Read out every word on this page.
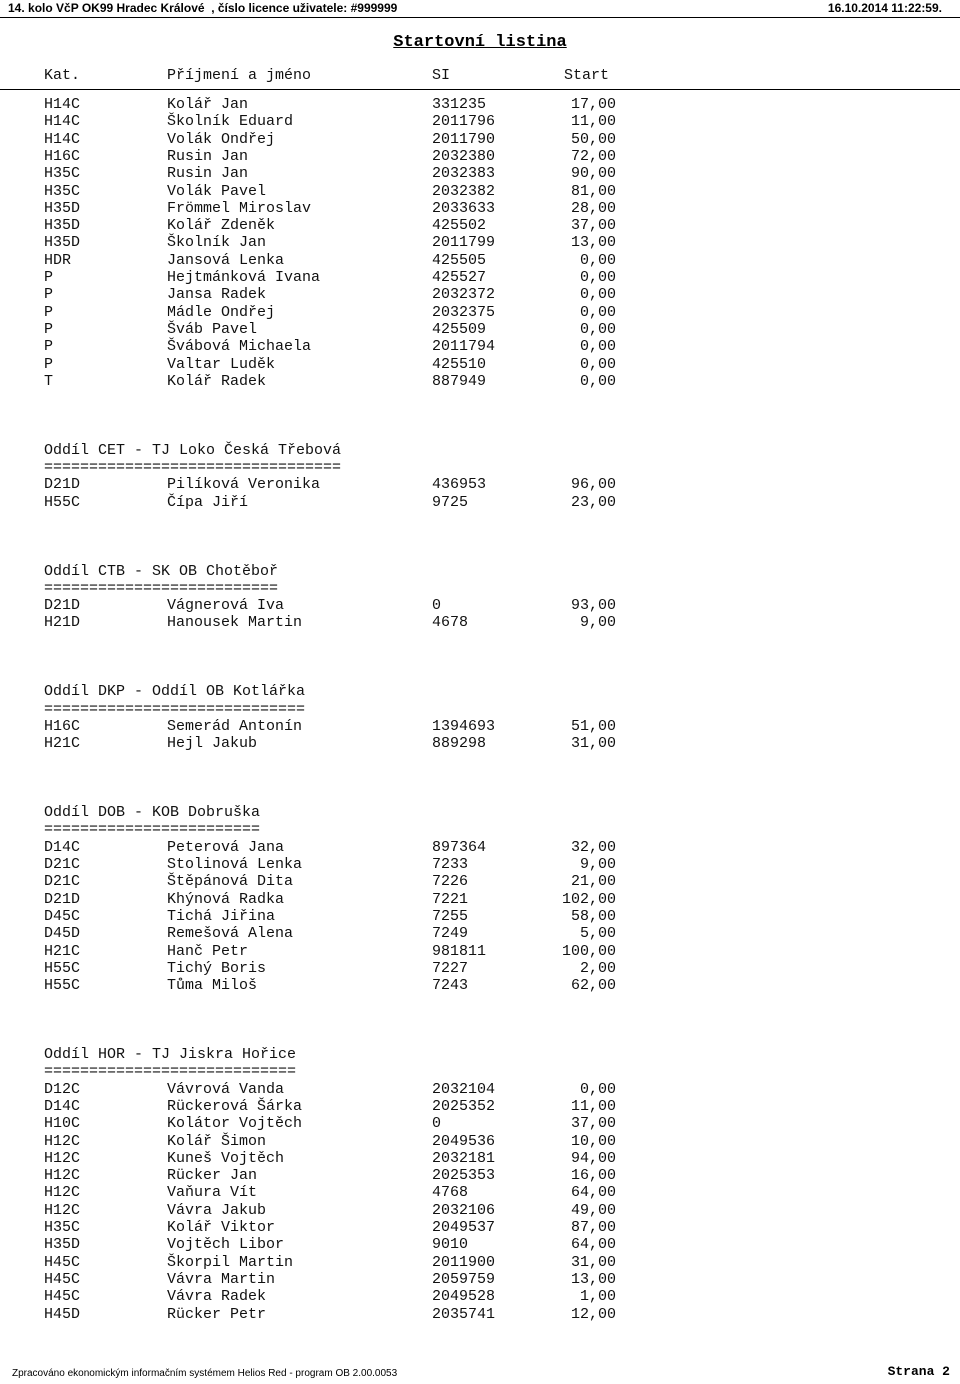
14. kolo VčP OK99 Hradec Králové  , číslo licence uživatele: #999999	16.10.2014 11:22:59.
Startovní listina
Kat.	Příjmení a jméno	SI	Start
H14C	Kolář Jan	331235	17,00
H14C	Školník Eduard	2011796	11,00
H14C	Volák Ondřej	2011790	50,00
H16C	Rusin Jan	2032380	72,00
H35C	Rusin Jan	2032383	90,00
H35C	Volák Pavel	2032382	81,00
H35D	Frömmel Miroslav	2033633	28,00
H35D	Kolář Zdeněk	425502	37,00
H35D	Školník Jan	2011799	13,00
HDR	Jansová Lenka	425505	0,00
P	Hejtmánková Ivana	425527	0,00
P	Jansa Radek	2032372	0,00
P	Mádle Ondřej	2032375	0,00
P	Šváb Pavel	425509	0,00
P	Švábová Michaela	2011794	0,00
P	Valtar Luděk	425510	0,00
T	Kolář Radek	887949	0,00
Oddíl CET - TJ Loko Česká Třebová
=================================
D21D	Pilíková Veronika	436953	96,00
H55C	Čípa Jiří	9725	23,00
Oddíl CTB - SK OB Chotěboř
==========================
D21D	Vágnerová Iva	0	93,00
H21D	Hanousek Martin	4678	9,00
Oddíl DKP - Oddíl OB Kotlářka
=============================
H16C	Semerád Antonín	1394693	51,00
H21C	Hejl Jakub	889298	31,00
Oddíl DOB - KOB Dobruška
========================
D14C	Peterová Jana	897364	32,00
D21C	Stolinová Lenka	7233	9,00
D21C	Štěpánová Dita	7226	21,00
D21D	Khýnová Radka	7221	102,00
D45C	Tichá Jiřina	7255	58,00
D45D	Remešová Alena	7249	5,00
H21C	Hanč Petr	981811	100,00
H55C	Tichý Boris	7227	2,00
H55C	Tůma Miloš	7243	62,00
Oddíl HOR - TJ Jiskra Hořice
============================
D12C	Vávrová Vanda	2032104	0,00
D14C	Rückerová Šárka	2025352	11,00
H10C	Kolátor Vojtěch	0	37,00
H12C	Kolář Šimon	2049536	10,00
H12C	Kuneš Vojtěch	2032181	94,00
H12C	Rücker Jan	2025353	16,00
H12C	Vaňura Vít	4768	64,00
H12C	Vávra Jakub	2032106	49,00
H35C	Kolář Viktor	2049537	87,00
H35D	Vojtěch Libor	9010	64,00
H45C	Škorpil Martin	2011900	31,00
H45C	Vávra Martin	2059759	13,00
H45C	Vávra Radek	2049528	1,00
H45D	Rücker Petr	2035741	12,00
Zpracováno ekonomickým informačním systémem Helios Red - program OB 2.00.0053	Strana 2
